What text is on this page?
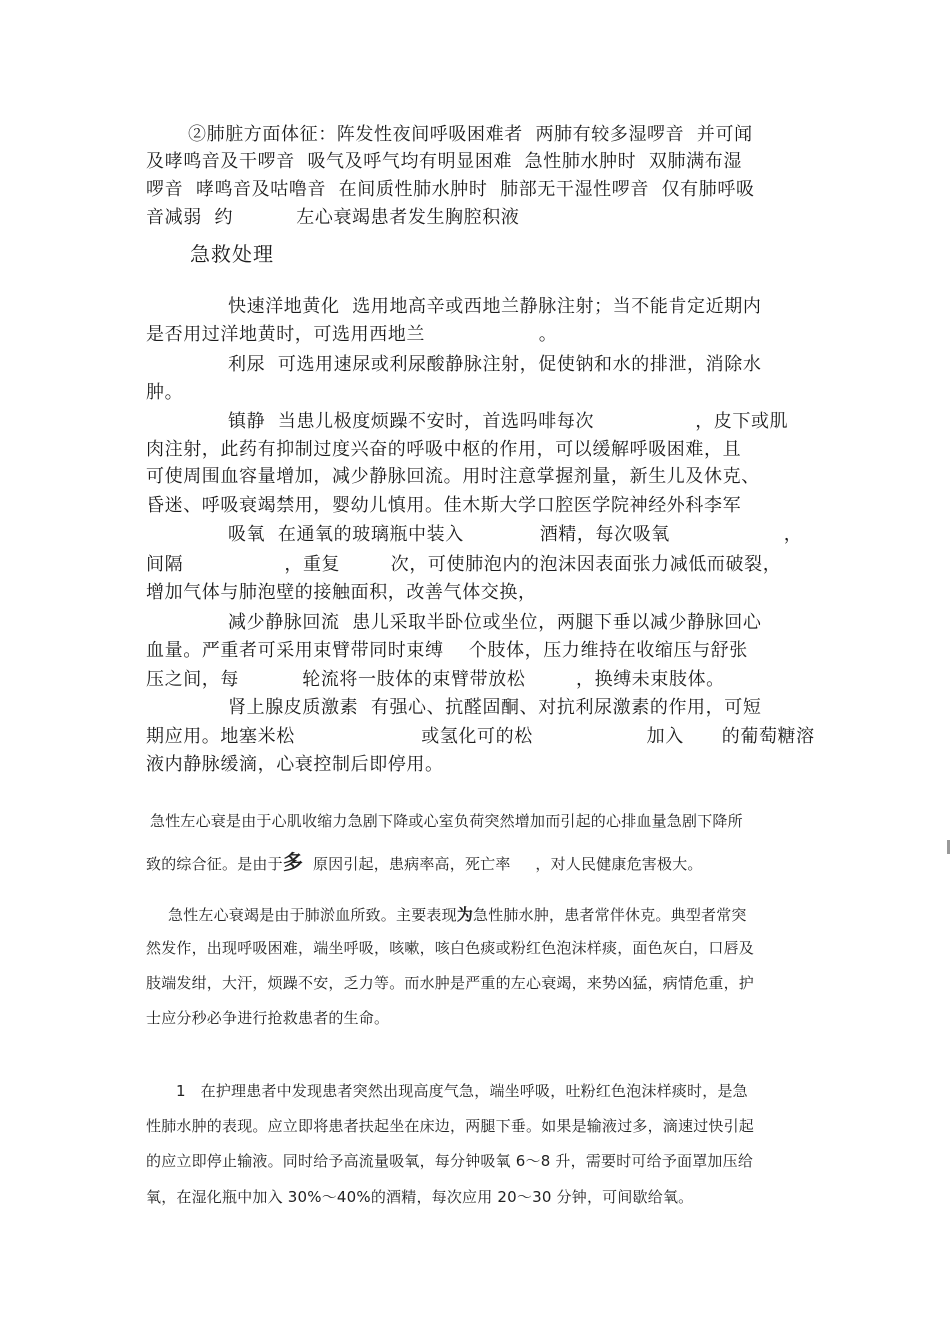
②肺脏方面体征：阵发性夜间呼吸困难者  两肺有较多湿啰音  并可闻
及哮鸣音及干啰音  吸气及呼气均有明显困难  急性肺水肿时  双肺满布湿
啰音  哮鸣音及咕噜音  在间质性肺水肿时  肺部无干湿性啰音  仅有肺呼吸
音减弱  约          左心衰竭患者发生胸腔积液
急救处理
快速洋地黄化  选用地高辛或西地兰静脉注射；当不能肯定近期内
是否用过洋地黄时，可选用西地兰                  。
利尿  可选用速尿或利尿酸静脉注射，促使钠和水的排泄，消除水
肿。
镇静  当患儿极度烦躁不安时，首选吗啡每次                ，皮下或肌
肉注射，此药有抑制过度兴奋的呼吸中枢的作用，可以缓解呼吸困难，且
可使周围血容量增加，减少静脉回流。用时注意掌握剂量，新生儿及休克、
昏迷、呼吸衰竭禁用，婴幼儿慎用。佳木斯大学口腔医学院神经外科李军
吸氧  在通氧的玻璃瓶中装入            酒精，每次吸氧                  ，
间隔                ，重复        次，可使肺泡内的泡沫因表面张力减低而破裂，
增加气体与肺泡壁的接触面积，改善气体交换，
减少静脉回流  患儿采取半卧位或坐位，两腿下垂以减少静脉回心
血量。严重者可采用束臂带同时束缚    个肢体，压力维持在收缩压与舒张
压之间，每          轮流将一肢体的束臂带放松        ，换缚未束肢体。
肾上腺皮质激素  有强心、抗醛固酮、对抗利尿激素的作用，可短
期应用。地塞米松                    或氢化可的松                  加入      的葡萄糖溶
液内静脉缓滴，心衰控制后即停用。
急性左心衰是由于心肌收缩力急剧下降或心室负荷突然增加而引起的心排血量急剧下降所
致的综合征。是由于多  原因引起，患病率高，死亡率     ，对人民健康危害极大。
急性左心衰竭是由于肺淤血所致。主要表现为急性肺水肿，患者常伴休克。典型者常突
然发作，出现呼吸困难，端坐呼吸，咳嗽，咳白色痰或粉红色泡沫样痰，面色灰白，口唇及
肢端发绀，大汗，烦躁不安，乏力等。而水肿是严重的左心衰竭，来势凶猛，病情危重，护
士应分秒必争进行抢救患者的生命。
1   在护理患者中发现患者突然出现高度气急，端坐呼吸，吐粉红色泡沫样痰时，是急
性肺水肿的表现。应立即将患者扶起坐在床边，两腿下垂。如果是输液过多，滴速过快引起
的应立即停止输液。同时给予高流量吸氧，每分钟吸氧 6～8 升，需要时可给予面罩加压给
氧，在湿化瓶中加入 30%～40%的酒精，每次应用 20～30 分钟，可间歇给氧。
